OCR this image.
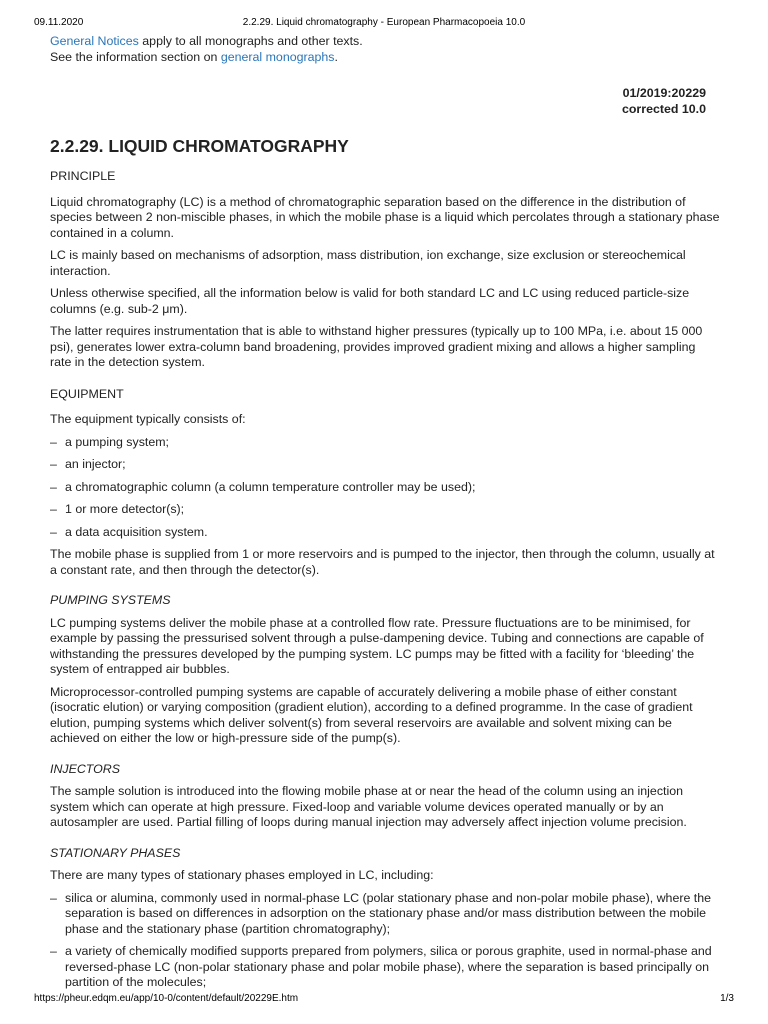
09.11.2020	2.2.29. Liquid chromatography - European Pharmacopoeia 10.0

General Notices apply to all monographs and other texts.

See the information section on general monographs.

01/2019:20229
corrected 10.0
2.2.29. LIQUID CHROMATOGRAPHY
PRINCIPLE

Liquid chromatography (LC) is a method of chromatographic separation based on the difference in the distribution of species between 2 non-miscible phases, in which the mobile phase is a liquid which percolates through a stationary phase contained in a column.

LC is mainly based on mechanisms of adsorption, mass distribution, ion exchange, size exclusion or stereochemical interaction.

Unless otherwise specified, all the information below is valid for both standard LC and LC using reduced particle-size columns (e.g. sub-2 μm).

The latter requires instrumentation that is able to withstand higher pressures (typically up to 100 MPa, i.e. about 15 000 psi), generates lower extra-column band broadening, provides improved gradient mixing and allows a higher sampling rate in the detection system.

EQUIPMENT

The equipment typically consists of:

– a pumping system;
– an injector;
– a chromatographic column (a column temperature controller may be used);
– 1 or more detector(s);
– a data acquisition system.

The mobile phase is supplied from 1 or more reservoirs and is pumped to the injector, then through the column, usually at a constant rate, and then through the detector(s).

PUMPING SYSTEMS

LC pumping systems deliver the mobile phase at a controlled flow rate. Pressure fluctuations are to be minimised, for example by passing the pressurised solvent through a pulse-dampening device. Tubing and connections are capable of withstanding the pressures developed by the pumping system. LC pumps may be fitted with a facility for ‘bleeding’ the system of entrapped air bubbles.

Microprocessor-controlled pumping systems are capable of accurately delivering a mobile phase of either constant (isocratic elution) or varying composition (gradient elution), according to a defined programme. In the case of gradient elution, pumping systems which deliver solvent(s) from several reservoirs are available and solvent mixing can be achieved on either the low or high-pressure side of the pump(s).

INJECTORS

The sample solution is introduced into the flowing mobile phase at or near the head of the column using an injection system which can operate at high pressure. Fixed-loop and variable volume devices operated manually or by an autosampler are used. Partial filling of loops during manual injection may adversely affect injection volume precision.

STATIONARY PHASES

There are many types of stationary phases employed in LC, including:

– silica or alumina, commonly used in normal-phase LC (polar stationary phase and non-polar mobile phase), where the separation is based on differences in adsorption on the stationary phase and/or mass distribution between the mobile phase and the stationary phase (partition chromatography);
– a variety of chemically modified supports prepared from polymers, silica or porous graphite, used in normal-phase and reversed-phase LC (non-polar stationary phase and polar mobile phase), where the separation is based principally on partition of the molecules;
https://pheur.edqm.eu/app/10-0/content/default/20229E.htm	1/3
